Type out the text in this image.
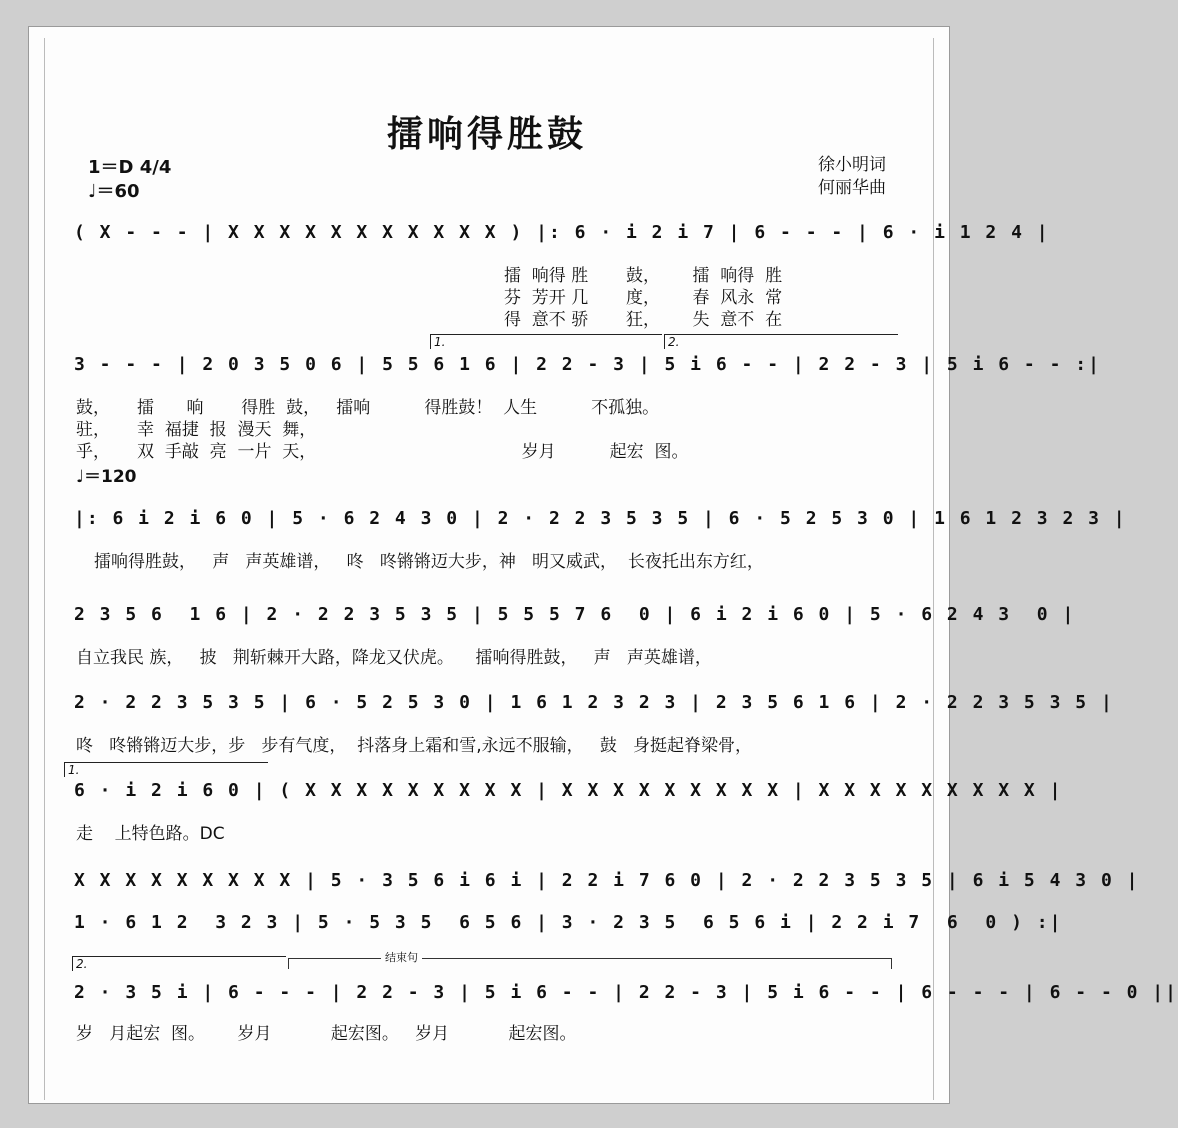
擂响得胜鼓
1＝D 4/4
♩＝60
徐小明词
何丽华曲
( X - - - | X X X X X X X X X X X ) |: 6 · i 2 i 7 | 6 - - - | 6 · i 1 2 4 |
擂  响得 胜       鼓，      擂  响得  胜
芬  芳开 几       度，      春  风永  常
得  意不 骄       狂，      失  意不  在
1.	2.
3 - - - | 2 0 3 5 0 6 | 5 5 6 1 6 | 2 2 - 3 | 5 i 6 - - | 2 2 - 3 | 5 i 6 - - :|
鼓，     擂      响       得胜  鼓，   擂响          得胜鼓！  人生          不孤独。
驻，     幸  福捷  报  漫天  舞，
乎，     双  手敲  亮  一片  天，                                      岁月          起宏  图。
♩＝120
|: 6 i 2 i 6 0 | 5 · 6 2 4 3 0 | 2 · 2 2 3 5 3 5 | 6 · 5 2 5 3 0 | 1 6 1 2 3 2 3 |
擂响得胜鼓，   声   声英雄谱，   咚   咚锵锵迈大步，神   明又威武，  长夜托出东方红，
2 3 5 6  1 6 | 2 · 2 2 3 5 3 5 | 5 5 5 7 6  0 | 6 i 2 i 6 0 | 5 · 6 2 4 3  0 |
自立我民 族，   披   荆斩棘开大路，降龙又伏虎。    擂响得胜鼓，   声   声英雄谱，
2 · 2 2 3 5 3 5 | 6 · 5 2 5 3 0 | 1 6 1 2 3 2 3 | 2 3 5 6 1 6 | 2 · 2 2 3 5 3 5 |
咚   咚锵锵迈大步，步   步有气度，  抖落身上霜和雪,永远不服输，   鼓   身挺起脊梁骨，
1.
6 · i 2 i 6 0 | ( X X X X X X X X X | X X X X X X X X X | X X X X X X X X X |
走    上特色路。DC
X X X X X X X X X | 5 · 3 5 6 i 6 i | 2 2 i 7 6 0 | 2 · 2 2 3 5 3 5 | 6 i 5 4 3 0 |
1 · 6 1 2  3 2 3 | 5 · 5 3 5  6 5 6 | 3 · 2 3 5  6 5 6 i | 2 2 i 7  6  0 ) :|
2.	结束句
2 · 3 5 i | 6 - - - | 2 2 - 3 | 5 i 6 - - | 2 2 - 3 | 5 i 6 - - | 6 - - - | 6 - - 0 ||
岁   月起宏  图。      岁月           起宏图。   岁月           起宏图。
